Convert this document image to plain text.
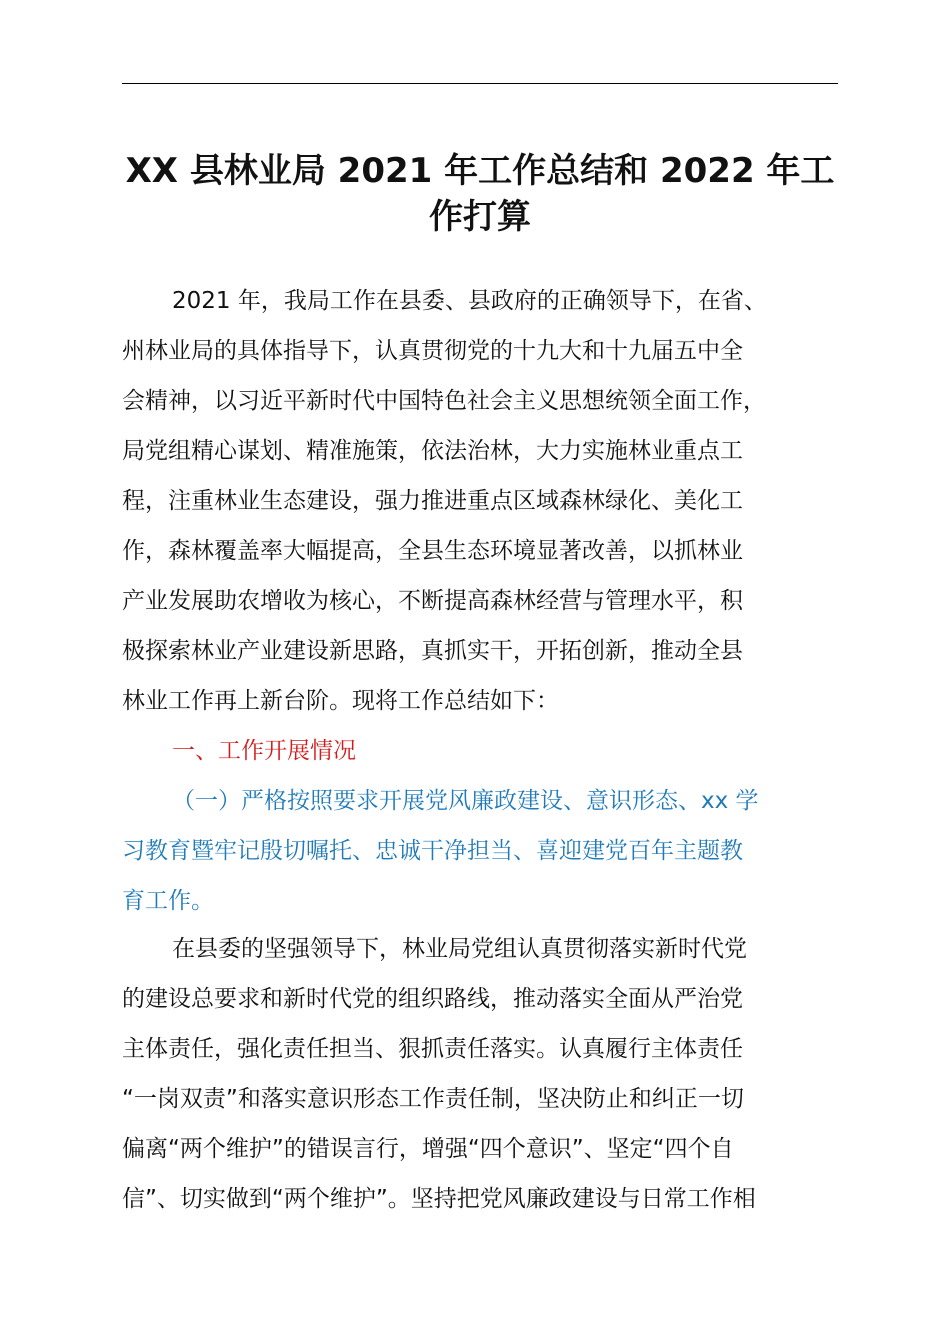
XX 县林业局 2021 年工作总结和 2022 年工
作打算
2021 年，我局工作在县委、县政府的正确领导下，在省、
州林业局的具体指导下，认真贯彻党的十九大和十九届五中全
会精神，以习近平新时代中国特色社会主义思想统领全面工作，
局党组精心谋划、精准施策，依法治林，大力实施林业重点工
程，注重林业生态建设，强力推进重点区域森林绿化、美化工
作，森林覆盖率大幅提高，全县生态环境显著改善，以抓林业
产业发展助农增收为核心，不断提高森林经营与管理水平，积
极探索林业产业建设新思路，真抓实干，开拓创新，推动全县
林业工作再上新台阶。现将工作总结如下：
一、工作开展情况
（一）严格按照要求开展党风廉政建设、意识形态、xx 学
习教育暨牢记殷切嘱托、忠诚干净担当、喜迎建党百年主题教
育工作。
在县委的坚强领导下，林业局党组认真贯彻落实新时代党
的建设总要求和新时代党的组织路线，推动落实全面从严治党
主体责任，强化责任担当、狠抓责任落实。认真履行主体责任
“一岗双责”和落实意识形态工作责任制，坚决防止和纠正一切
偏离“两个维护”的错误言行，增强“四个意识”、坚定“四个自
信”、切实做到“两个维护”。坚持把党风廉政建设与日常工作相
